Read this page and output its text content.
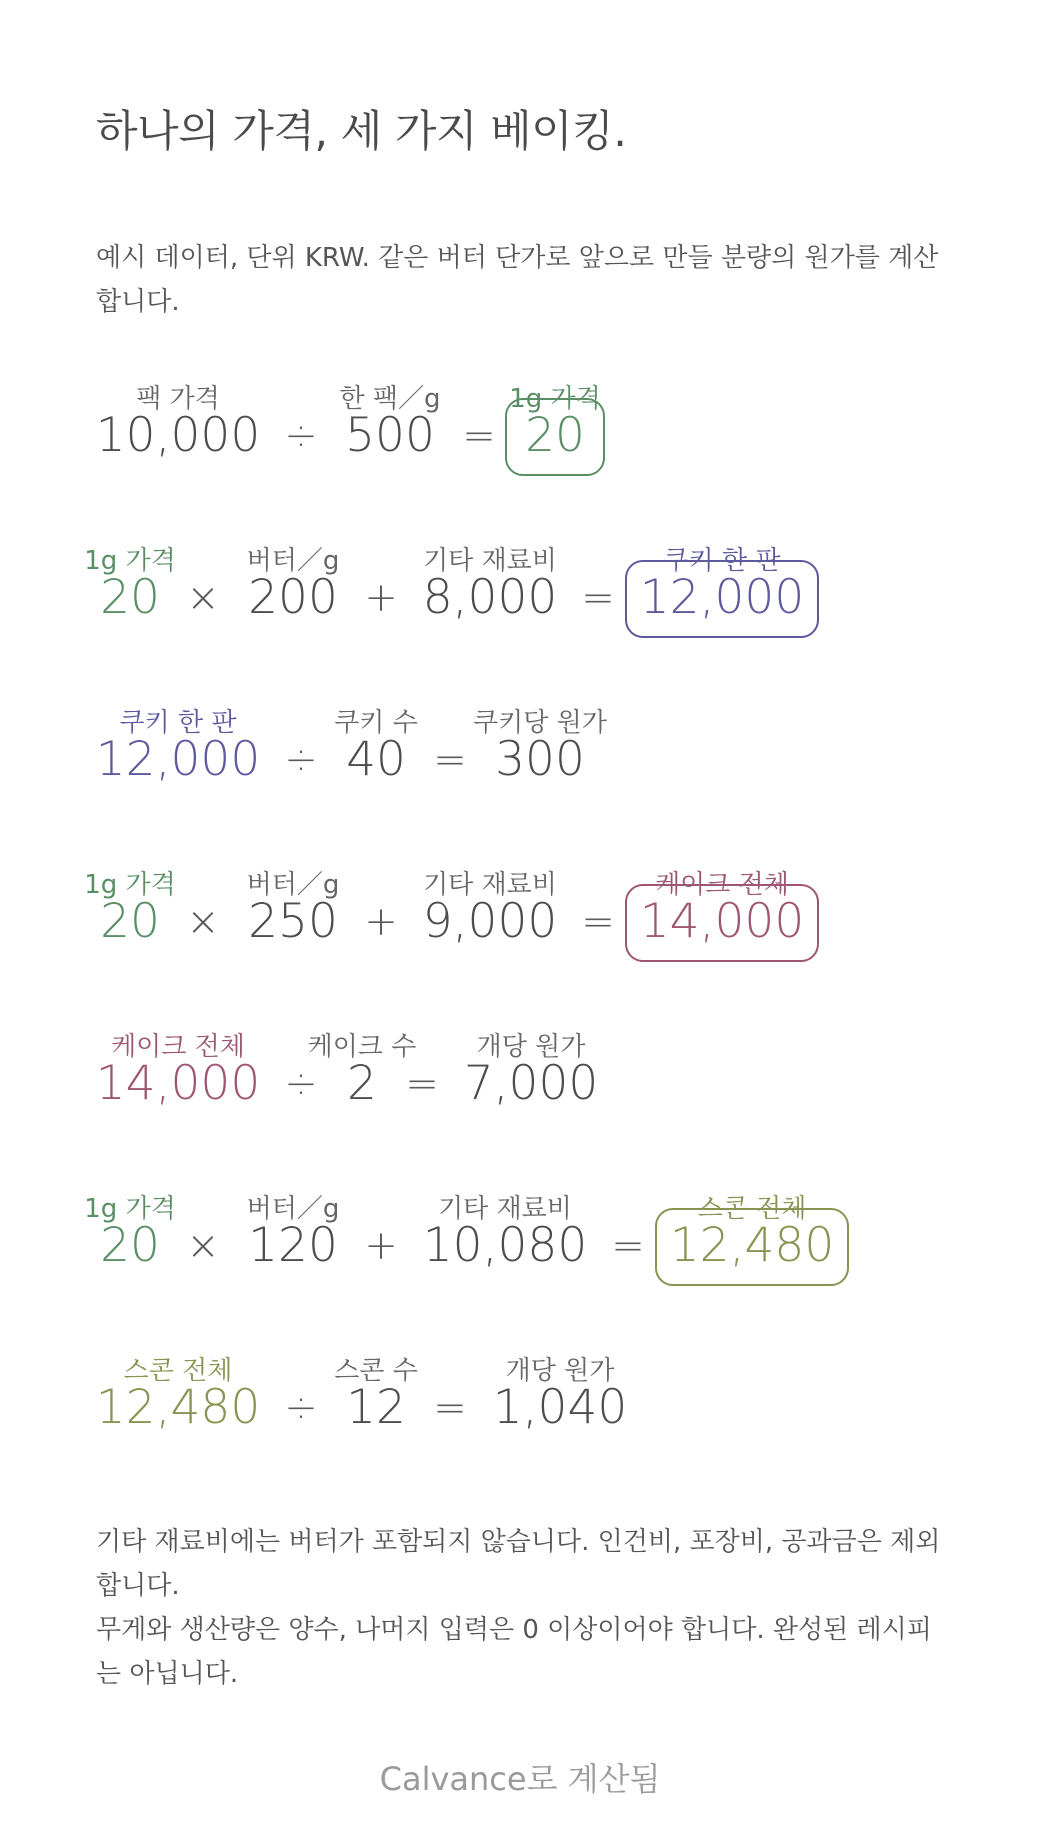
하나의 가격, 세 가지 베이킹.
예시 데이터, 단위 KRW. 같은 버터 단가로 앞으로 만들 분량의 원가를 계산합니다.
팩 가격
10,000 ÷
한 팩／g
500 =
1g 가격
20
1g 가격
20 ×
버터／g
200 +
기타 재료비
8,000 =
쿠키 한 판
12,000
쿠키 한 판
12,000 ÷
쿠키 수
40 =
쿠키당 원가
300
1g 가격
20 ×
버터／g
250 +
기타 재료비
9,000 =
케이크 전체
14,000
케이크 전체
14,000 ÷
케이크 수
2 =
개당 원가
7,000
1g 가격
20 ×
버터／g
120 +
기타 재료비
10,080 =
스콘 전체
12,480
스콘 전체
12,480 ÷
스콘 수
12 =
개당 원가
1,040

기타 재료비에는 버터가 포함되지 않습니다. 인건비, 포장비, 공과금은 제외합니다.

무게와 생산량은 양수, 나머지 입력은 0 이상이어야 합니다. 완성된 레시피는 아닙니다.

Calvance로 계산됨
